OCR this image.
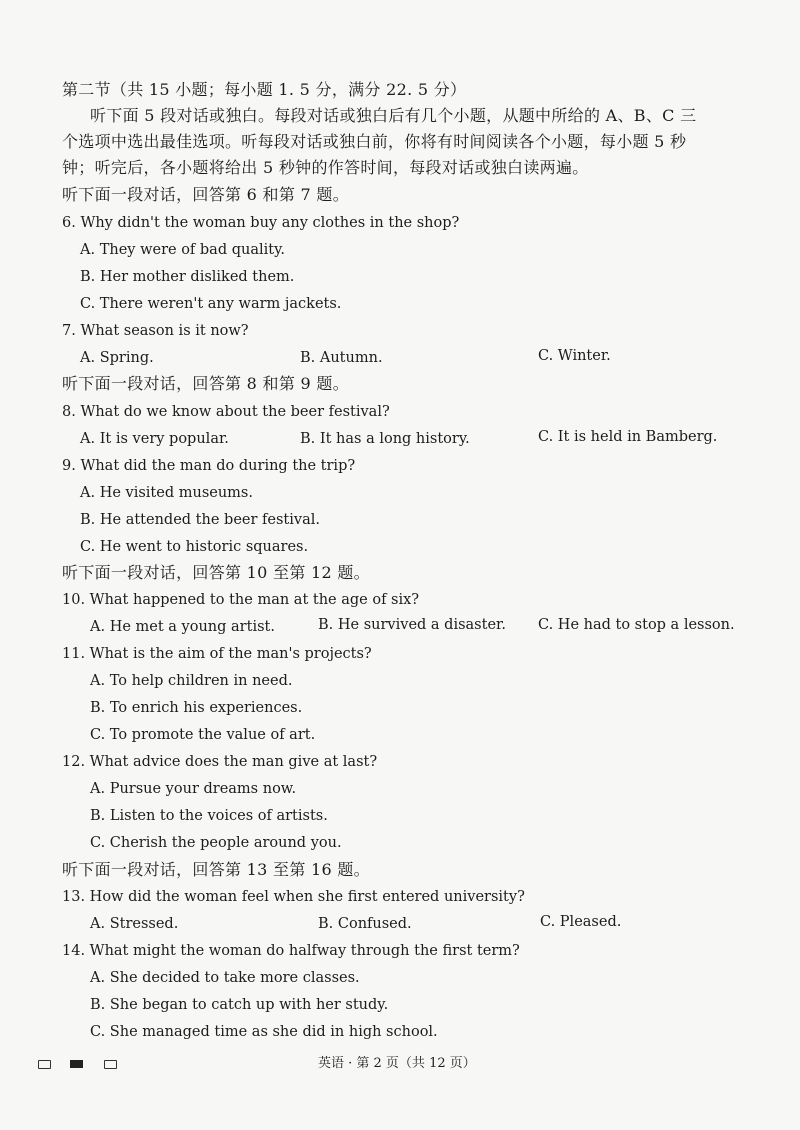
第二节（共 15 小题；每小题 1. 5 分，满分 22. 5 分）
听下面 5 段对话或独白。每段对话或独白后有几个小题，从题中所给的 A、B、C 三
个选项中选出最佳选项。听每段对话或独白前，你将有时间阅读各个小题，每小题 5 秒
钟；听完后，各小题将给出 5 秒钟的作答时间，每段对话或独白读两遍。
听下面一段对话，回答第 6 和第 7 题。
6. Why didn't the woman buy any clothes in the shop?
A. They were of bad quality.
B. Her mother disliked them.
C. There weren't any warm jackets.
7. What season is it now?
A. Spring.	B. Autumn.	C. Winter.
听下面一段对话，回答第 8 和第 9 题。
8. What do we know about the beer festival?
A. It is very popular.	B. It has a long history.	C. It is held in Bamberg.
9. What did the man do during the trip?
A. He visited museums.
B. He attended the beer festival.
C. He went to historic squares.
听下面一段对话，回答第 10 至第 12 题。
10. What happened to the man at the age of six?
A. He met a young artist.	B. He survived a disaster. C. He had to stop a lesson.
11. What is the aim of the man's projects?
A. To help children in need.
B. To enrich his experiences.
C. To promote the value of art.
12. What advice does the man give at last?
A. Pursue your dreams now.
B. Listen to the voices of artists.
C. Cherish the people around you.
听下面一段对话，回答第 13 至第 16 题。
13. How did the woman feel when she first entered university?
A. Stressed.	B. Confused.	C. Pleased.
14. What might the woman do halfway through the first term?
A. She decided to take more classes.
B. She began to catch up with her study.
C. She managed time as she did in high school.
英语 · 第 2 页（共 12 页）
